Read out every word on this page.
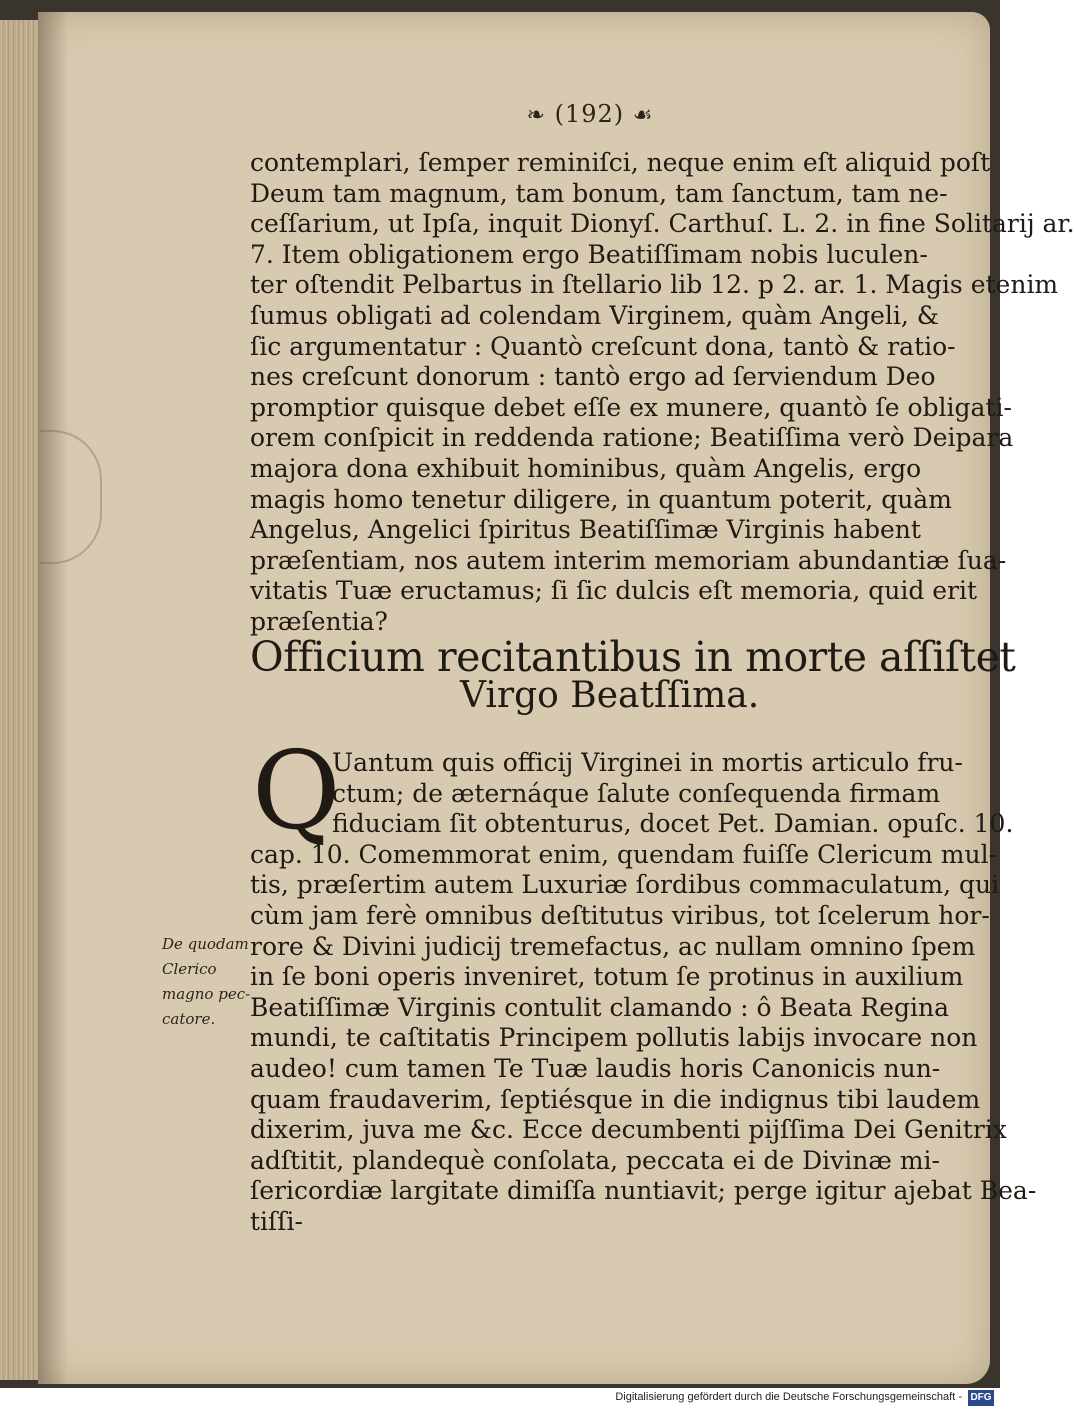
❧ (192) ☙
contemplari, ſemper reminiſci, neque enim eſt aliquid poſt
Deum tam magnum, tam bonum, tam ſanctum, tam ne-
ceſſarium, ut Ipſa, inquit Dionyſ. Carthuſ. L. 2. in fine Solitarij ar.
7. Item obligationem ergo Beatiſſimam nobis luculen-
ter oſtendit Pelbartus in ſtellario lib 12. p 2. ar. 1. Magis etenim
ſumus obligati ad colendam Virginem, quàm Angeli, &
ſic argumentatur : Quantò creſcunt dona, tantò & ratio-
nes creſcunt donorum : tantò ergo ad ſerviendum Deo
promptior quisque debet eſſe ex munere, quantò ſe obligati-
orem conſpicit in reddenda ratione; Beatiſſima verò Deipara
majora dona exhibuit hominibus, quàm Angelis, ergo
magis homo tenetur diligere, in quantum poterit, quàm
Angelus, Angelici ſpiritus Beatiſſimæ Virginis habent
præſentiam, nos autem interim memoriam abundantiæ ſua-
vitatis Tuæ eructamus; ſi ſic dulcis eſt memoria, quid erit
præſentia?
Officium recitantibus in morte aſſiſtet
Virgo Beatſſima.
Q
Uantum quis officij Virginei in mortis articulo fru-
ctum; de æternáque ſalute conſequenda firmam
fiduciam ſit obtenturus, docet Pet. Damian. opuſc. 10.
cap. 10. Comemmorat enim, quendam fuiſſe Clericum mul-
tis, præſertim autem Luxuriæ ſordibus commaculatum, qui
cùm jam ferè omnibus deſtitutus viribus, tot ſcelerum hor-
rore & Divini judicij tremefactus, ac nullam omnino ſpem
in ſe boni operis inveniret, totum ſe protinus in auxilium
Beatiſſimæ Virginis contulit clamando : ô Beata Regina
mundi, te caſtitatis Principem pollutis labijs invocare non
audeo! cum tamen Te Tuæ laudis horis Canonicis nun-
quam fraudaverim, ſeptiésque in die indignus tibi laudem
dixerim, juva me &c. Ecce decumbenti pijſſima Dei Genitrix
adſtitit, plandequè conſolata, peccata ei de Divinæ mi-
ſericordiæ largitate dimiſſa nuntiavit; perge igitur ajebat Bea-
tiſſi-
De quodam
Clerico
magno pec-
catore.
Digitalisierung gefördert durch die Deutsche Forschungsgemeinschaft - DFG
